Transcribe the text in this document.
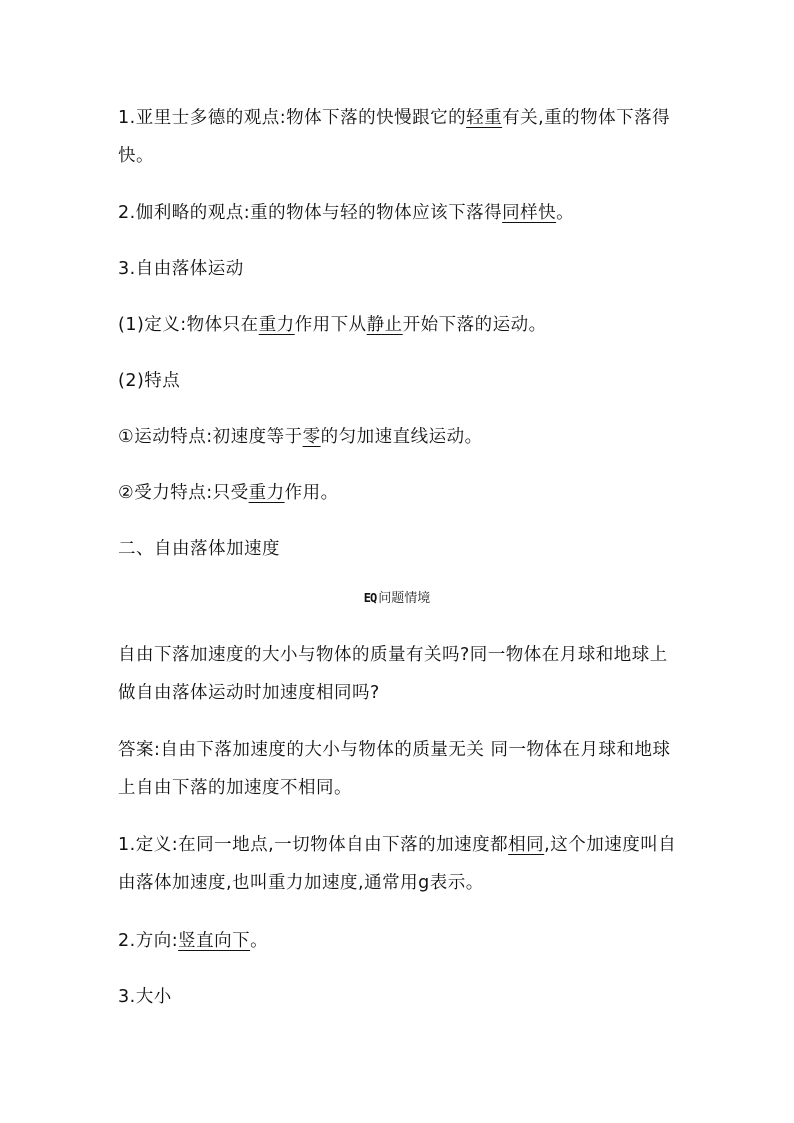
1.亚里士多德的观点:物体下落的快慢跟它的轻重有关,重的物体下落得快。

2.伽利略的观点:重的物体与轻的物体应该下落得同样快。

3.自由落体运动

(1)定义:物体只在重力作用下从静止开始下落的运动。

(2)特点

①运动特点:初速度等于零的匀加速直线运动。

②受力特点:只受重力作用。

二、自由落体加速度

EQ 问题情境

自由下落加速度的大小与物体的质量有关吗?同一物体在月球和地球上做自由落体运动时加速度相同吗?

答案:自由下落加速度的大小与物体的质量无关 同一物体在月球和地球上自由下落的加速度不相同。

1.定义:在同一地点,一切物体自由下落的加速度都相同,这个加速度叫自由落体加速度,也叫重力加速度,通常用g表示。

2.方向:竖直向下。

3.大小
